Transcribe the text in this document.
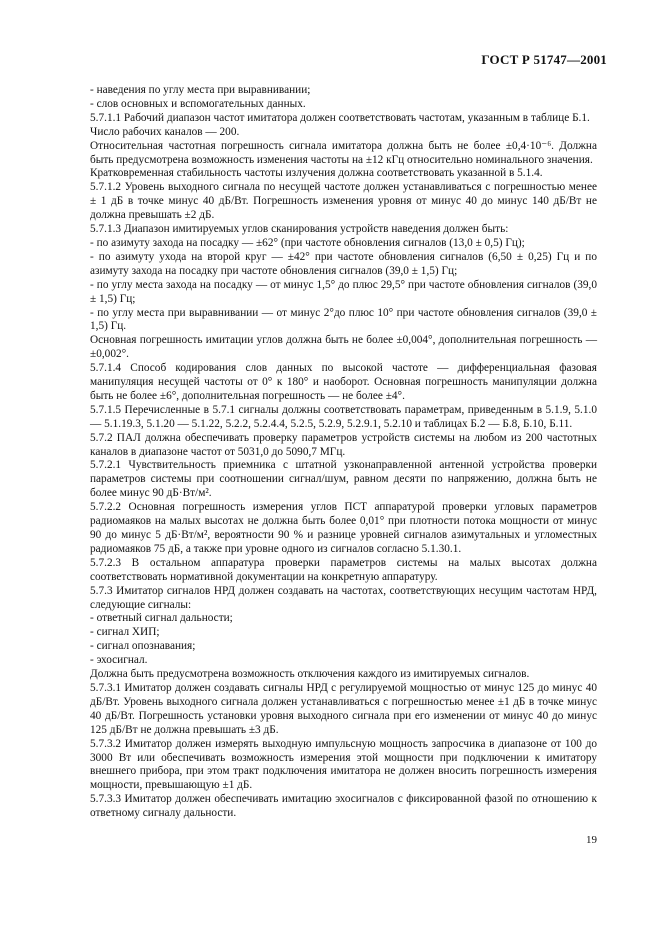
ГОСТ Р 51747—2001

- наведения по углу места при выравнивании;

- слов основных и вспомогательных данных.

5.7.1.1 Рабочий диапазон частот имитатора должен соответствовать частотам, указанным в таблице Б.1.

Число рабочих каналов — 200.

Относительная частотная погрешность сигнала имитатора должна быть не более ±0,4·10⁻⁶. Должна быть предусмотрена возможность изменения частоты на ±12 кГц относительно номинального значения.

Кратковременная стабильность частоты излучения должна соответствовать указанной в 5.1.4.

5.7.1.2 Уровень выходного сигнала по несущей частоте должен устанавливаться с погрешностью менее ± 1 дБ в точке минус 40 дБ/Вт. Погрешность изменения уровня от минус 40 до минус 140 дБ/Вт не должна превышать ±2 дБ.

5.7.1.3 Диапазон имитируемых углов сканирования устройств наведения должен быть:

- по азимуту захода на посадку — ±62° (при частоте обновления сигналов (13,0 ± 0,5) Гц);

- по азимуту ухода на второй круг — ±42° при частоте обновления сигналов (6,50 ± 0,25) Гц и по азимуту захода на посадку при частоте обновления сигналов (39,0 ± 1,5) Гц;

- по углу места захода на посадку — от минус 1,5° до плюс 29,5° при частоте обновления сигналов (39,0 ± 1,5) Гц;

- по углу места при выравнивании — от минус 2°до плюс 10° при частоте обновления сигналов (39,0 ± 1,5) Гц.

Основная погрешность имитации углов должна быть не более ±0,004°, дополнительная погрешность — ±0,002°.

5.7.1.4 Способ кодирования слов данных по высокой частоте — дифференциальная фазовая манипуляция несущей частоты от 0° к 180° и наоборот. Основная погрешность манипуляции должна быть не более ±6°, дополнительная погрешность — не более ±4°.

5.7.1.5 Перечисленные в 5.7.1 сигналы должны соответствовать параметрам, приведенным в 5.1.9, 5.1.0 — 5.1.19.3, 5.1.20 — 5.1.22, 5.2.2, 5.2.4.4, 5.2.5, 5.2.9, 5.2.9.1, 5.2.10 и таблицах Б.2 — Б.8, Б.10, Б.11.

5.7.2 ПАЛ должна обеспечивать проверку параметров устройств системы на любом из 200 частотных каналов в диапазоне частот от 5031,0 до 5090,7 МГц.

5.7.2.1 Чувствительность приемника с штатной узконаправленной антенной устройства проверки параметров системы при соотношении сигнал/шум, равном десяти по напряжению, должна быть не более минус 90 дБ·Вт/м².

5.7.2.2 Основная погрешность измерения углов ПСТ аппаратурой проверки угловых параметров радиомаяков на малых высотах не должна быть более 0,01° при плотности потока мощности от минус 90 до минус 5 дБ·Вт/м², вероятности 90 % и разнице уровней сигналов азимутальных и угломестных радиомаяков 75 дБ, а также при уровне одного из сигналов согласно 5.1.30.1.

5.7.2.3 В остальном аппаратура проверки параметров системы на малых высотах должна соответствовать нормативной документации на конкретную аппаратуру.

5.7.3 Имитатор сигналов НРД должен создавать на частотах, соответствующих несущим частотам НРД, следующие сигналы:

- ответный сигнал дальности;

- сигнал ХИП;

- сигнал опознавания;

- эхосигнал.

Должна быть предусмотрена возможность отключения каждого из имитируемых сигналов.

5.7.3.1 Имитатор должен создавать сигналы НРД с регулируемой мощностью от минус 125 до минус 40 дБ/Вт. Уровень выходного сигнала должен устанавливаться с погрешностью менее ±1 дБ в точке минус 40 дБ/Вт. Погрешность установки уровня выходного сигнала при его изменении от минус 40 до минус 125 дБ/Вт не должна превышать ±3 дБ.

5.7.3.2 Имитатор должен измерять выходную импульсную мощность запросчика в диапазоне от 100 до 3000 Вт или обеспечивать возможность измерения этой мощности при подключении к имитатору внешнего прибора, при этом тракт подключения имитатора не должен вносить погрешность измерения мощности, превышающую ±1 дБ.

5.7.3.3 Имитатор должен обеспечивать имитацию эхосигналов с фиксированной фазой по отношению к ответному сигналу дальности.

19
